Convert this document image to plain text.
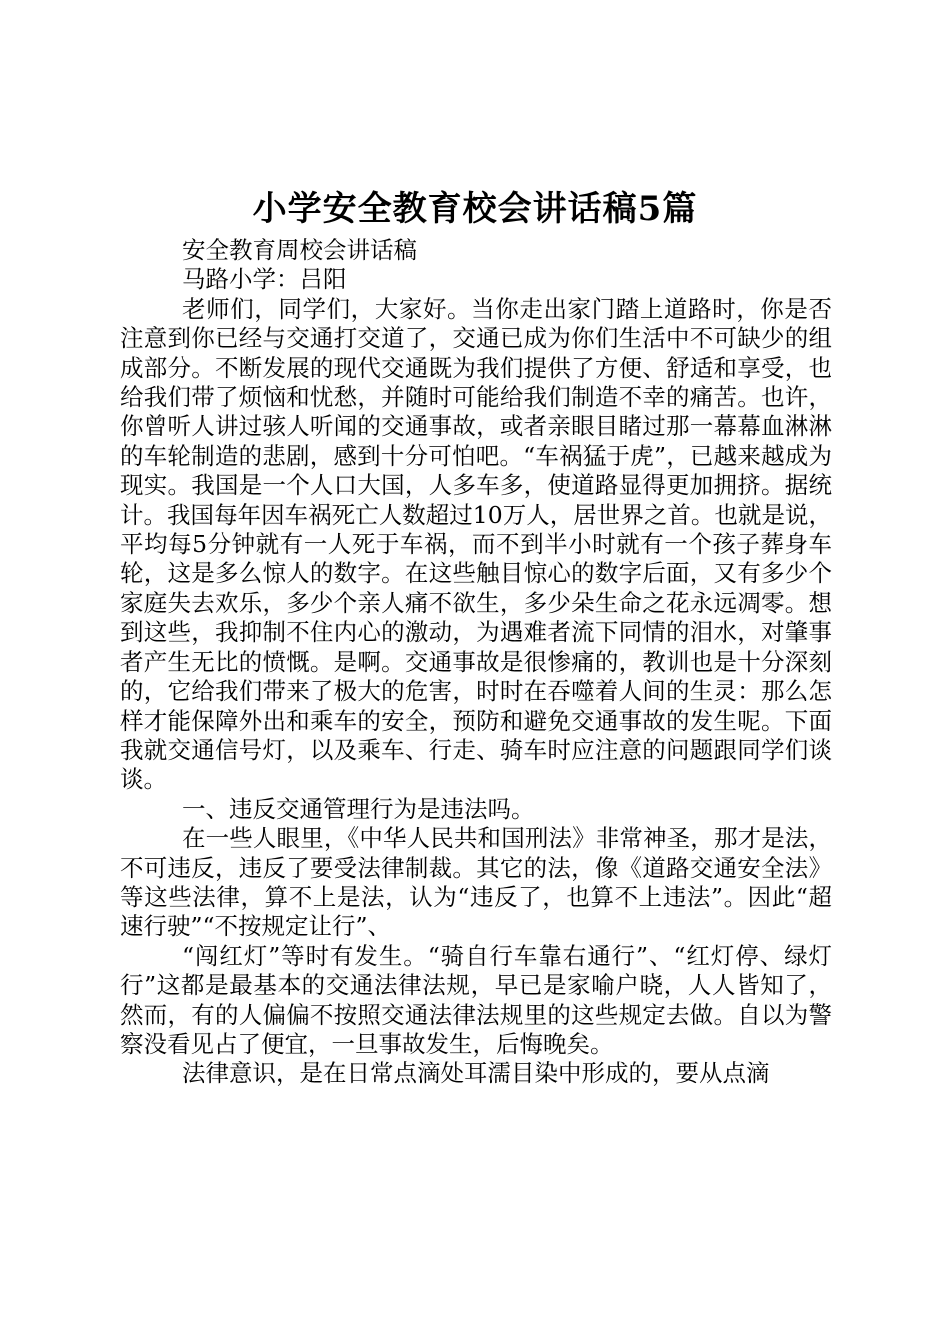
小学安全教育校会讲话稿5篇

安全教育周校会讲话稿

马路小学：吕阳

老师们，同学们，大家好。当你走出家门踏上道路时，你是否注意到你已经与交通打交道了，交通已成为你们生活中不可缺少的组成部分。不断发展的现代交通既为我们提供了方便、舒适和享受，也给我们带了烦恼和忧愁，并随时可能给我们制造不幸的痛苦。也许，你曾听人讲过骇人听闻的交通事故，或者亲眼目睹过那一幕幕血淋淋的车轮制造的悲剧，感到十分可怕吧。“车祸猛于虎”，已越来越成为现实。我国是一个人口大国，人多车多，使道路显得更加拥挤。据统计。我国每年因车祸死亡人数超过10万人，居世界之首。也就是说，平均每5分钟就有一人死于车祸，而不到半小时就有一个孩子葬身车轮，这是多么惊人的数字。在这些触目惊心的数字后面，又有多少个家庭失去欢乐，多少个亲人痛不欲生，多少朵生命之花永远凋零。想到这些，我抑制不住内心的激动，为遇难者流下同情的泪水，对肇事者产生无比的愤慨。是啊。交通事故是很惨痛的，教训也是十分深刻的，它给我们带来了极大的危害，时时在吞噬着人间的生灵：那么怎样才能保障外出和乘车的安全，预防和避免交通事故的发生呢。下面我就交通信号灯，以及乘车、行走、骑车时应注意的问题跟同学们谈谈。

一、违反交通管理行为是违法吗。

在一些人眼里，《中华人民共和国刑法》非常神圣，那才是法，不可违反，违反了要受法律制裁。其它的法，像《道路交通安全法》等这些法律，算不上是法，认为“违反了，也算不上违法”。因此“超速行驶”“不按规定让行”、

“闯红灯”等时有发生。“骑自行车靠右通行”、“红灯停、绿灯行”这都是最基本的交通法律法规，早已是家喻户晓，人人皆知了，然而，有的人偏偏不按照交通法律法规里的这些规定去做。自以为警察没看见占了便宜，一旦事故发生，后悔晚矣。

法律意识，是在日常点滴处耳濡目染中形成的，要从点滴
